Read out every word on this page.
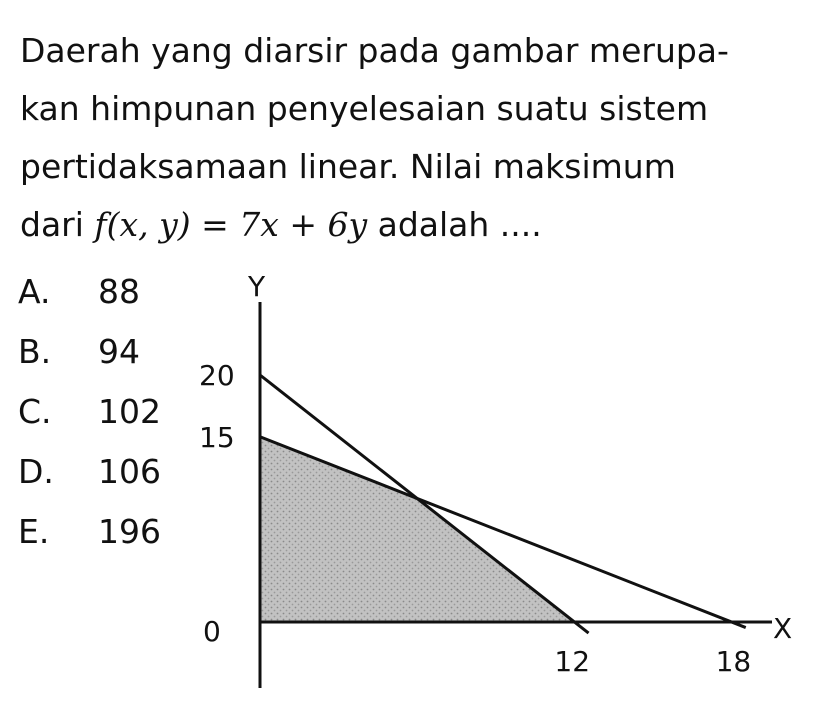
Daerah yang diarsir pada gambar merupa-
kan himpunan penyelesaian suatu sistem
pertidaksamaan linear. Nilai maksimum
dari f(x, y) = 7x + 6y adalah ....
A.	88
B.	94
C.	102
D.	106
E.	196
Y
X
0
20
15
12	18
